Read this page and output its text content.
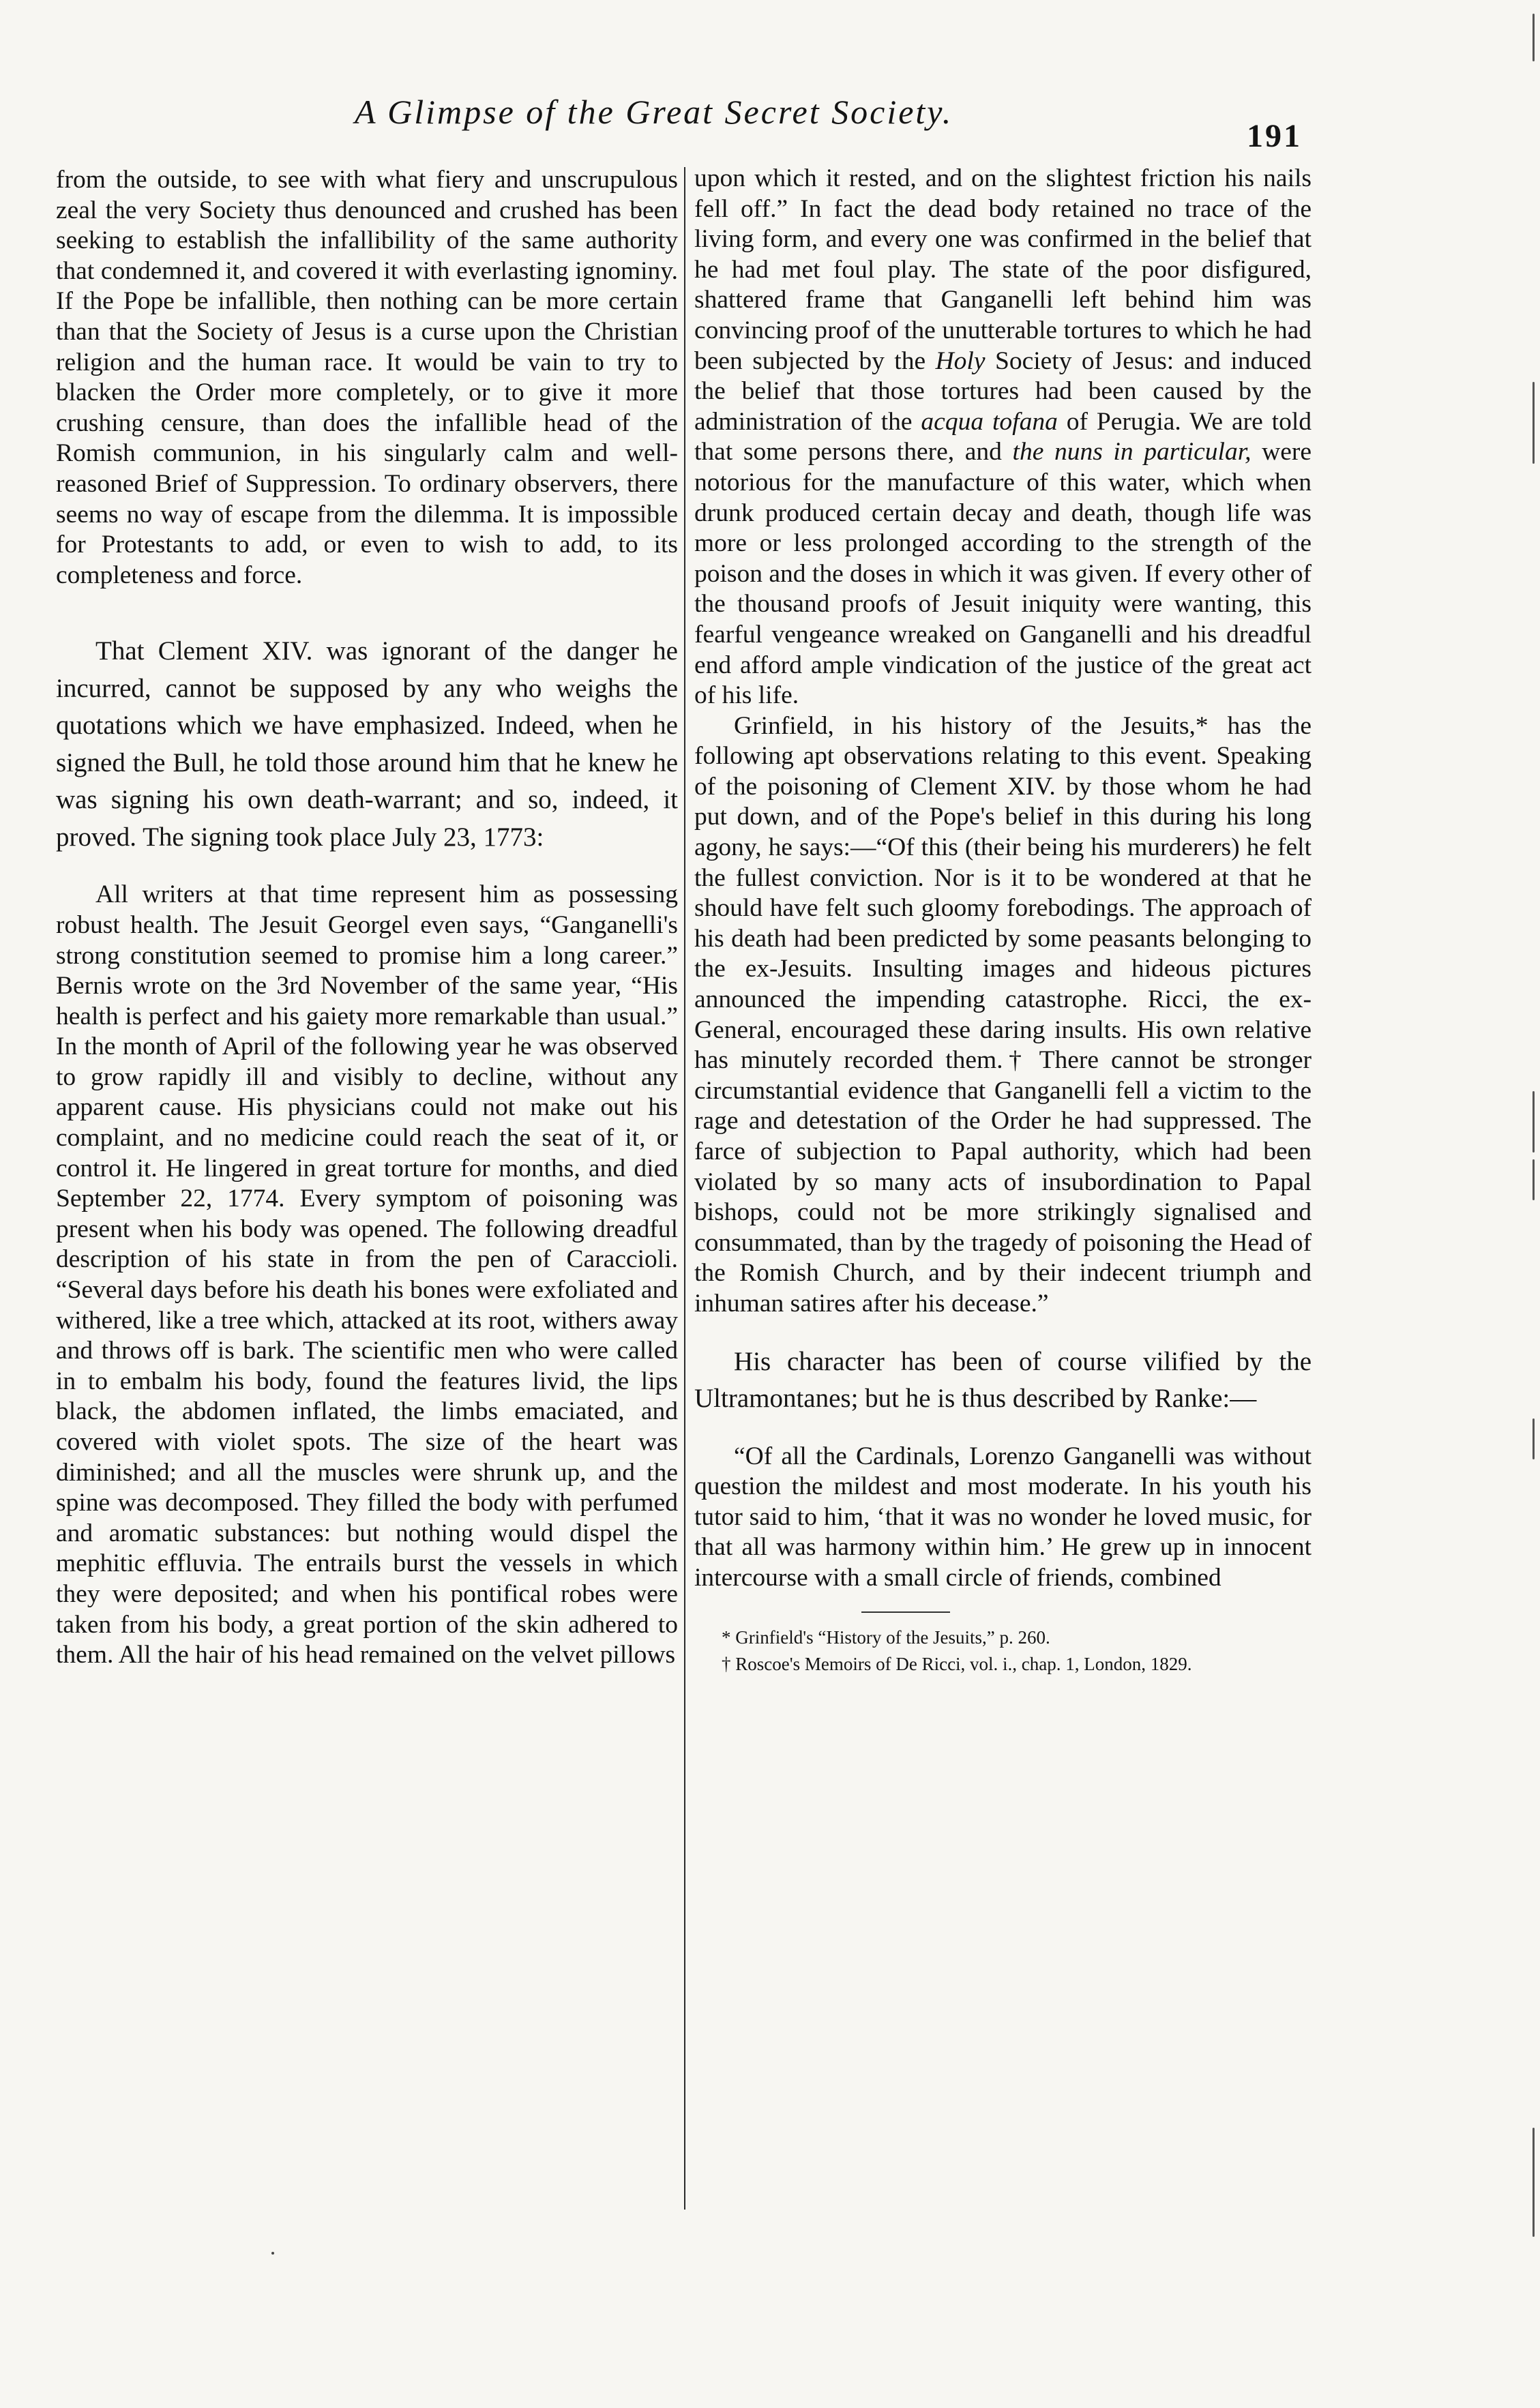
A Glimpse of the Great Secret Society.
191

from the outside, to see with what fiery and unscrupulous zeal the very Society thus denounced and crushed has been seeking to establish the infallibility of the same authority that condemned it, and covered it with everlasting ignominy. If the Pope be infallible, then nothing can be more certain than that the Society of Jesus is a curse upon the Christian religion and the human race. It would be vain to try to blacken the Order more completely, or to give it more crushing censure, than does the infallible head of the Romish communion, in his singularly calm and well-reasoned Brief of Suppression. To ordinary observers, there seems no way of escape from the dilemma. It is impossible for Protestants to add, or even to wish to add, to its completeness and force.

That Clement XIV. was ignorant of the danger he incurred, cannot be supposed by any who weighs the quotations which we have emphasized. Indeed, when he signed the Bull, he told those around him that he knew he was signing his own death-warrant; and so, indeed, it proved. The signing took place July 23, 1773:

All writers at that time represent him as possessing robust health. The Jesuit Georgel even says, “Ganganelli's strong constitution seemed to promise him a long career.” Bernis wrote on the 3rd November of the same year, “His health is perfect and his gaiety more remarkable than usual.” In the month of April of the following year he was observed to grow rapidly ill and visibly to decline, without any apparent cause. His physicians could not make out his complaint, and no medicine could reach the seat of it, or control it. He lingered in great torture for months, and died September 22, 1774. Every symptom of poisoning was present when his body was opened. The following dreadful description of his state in from the pen of Caraccioli. “Several days before his death his bones were exfoliated and withered, like a tree which, attacked at its root, withers away and throws off is bark. The scientific men who were called in to embalm his body, found the features livid, the lips black, the abdomen inflated, the limbs emaciated, and covered with violet spots. The size of the heart was diminished; and all the muscles were shrunk up, and the spine was decomposed. They filled the body with perfumed and aromatic substances: but nothing would dispel the mephitic effluvia. The entrails burst the vessels in which they were deposited; and when his pontifical robes were taken from his body, a great portion of the skin adhered to them. All the hair of his head remained on the velvet pillows

upon which it rested, and on the slightest friction his nails fell off.” In fact the dead body retained no trace of the living form, and every one was confirmed in the belief that he had met foul play. The state of the poor disfigured, shattered frame that Ganganelli left behind him was convincing proof of the unutterable tortures to which he had been subjected by the Holy Society of Jesus: and induced the belief that those tortures had been caused by the administration of the acqua tofana of Perugia. We are told that some persons there, and the nuns in particular, were notorious for the manufacture of this water, which when drunk produced certain decay and death, though life was more or less prolonged according to the strength of the poison and the doses in which it was given. If every other of the thousand proofs of Jesuit iniquity were wanting, this fearful vengeance wreaked on Ganganelli and his dreadful end afford ample vindication of the justice of the great act of his life.

Grinfield, in his history of the Jesuits,* has the following apt observations relating to this event. Speaking of the poisoning of Clement XIV. by those whom he had put down, and of the Pope's belief in this during his long agony, he says:—“Of this (their being his murderers) he felt the fullest conviction. Nor is it to be wondered at that he should have felt such gloomy forebodings. The approach of his death had been predicted by some peasants belonging to the ex-Jesuits. Insulting images and hideous pictures announced the impending catastrophe. Ricci, the ex-General, encouraged these daring insults. His own relative has minutely recorded them.† There cannot be stronger circumstantial evidence that Ganganelli fell a victim to the rage and detestation of the Order he had suppressed. The farce of subjection to Papal authority, which had been violated by so many acts of insubordination to Papal bishops, could not be more strikingly signalised and consummated, than by the tragedy of poisoning the Head of the Romish Church, and by their indecent triumph and inhuman satires after his decease.”

His character has been of course vilified by the Ultramontanes; but he is thus described by Ranke:—

“Of all the Cardinals, Lorenzo Ganganelli was without question the mildest and most moderate. In his youth his tutor said to him, ‘that it was no wonder he loved music, for that all was harmony within him.’ He grew up in innocent intercourse with a small circle of friends, combined

* Grinfield's “History of the Jesuits,” p. 260.

† Roscoe's Memoirs of De Ricci, vol. i., chap. 1, London, 1829.
